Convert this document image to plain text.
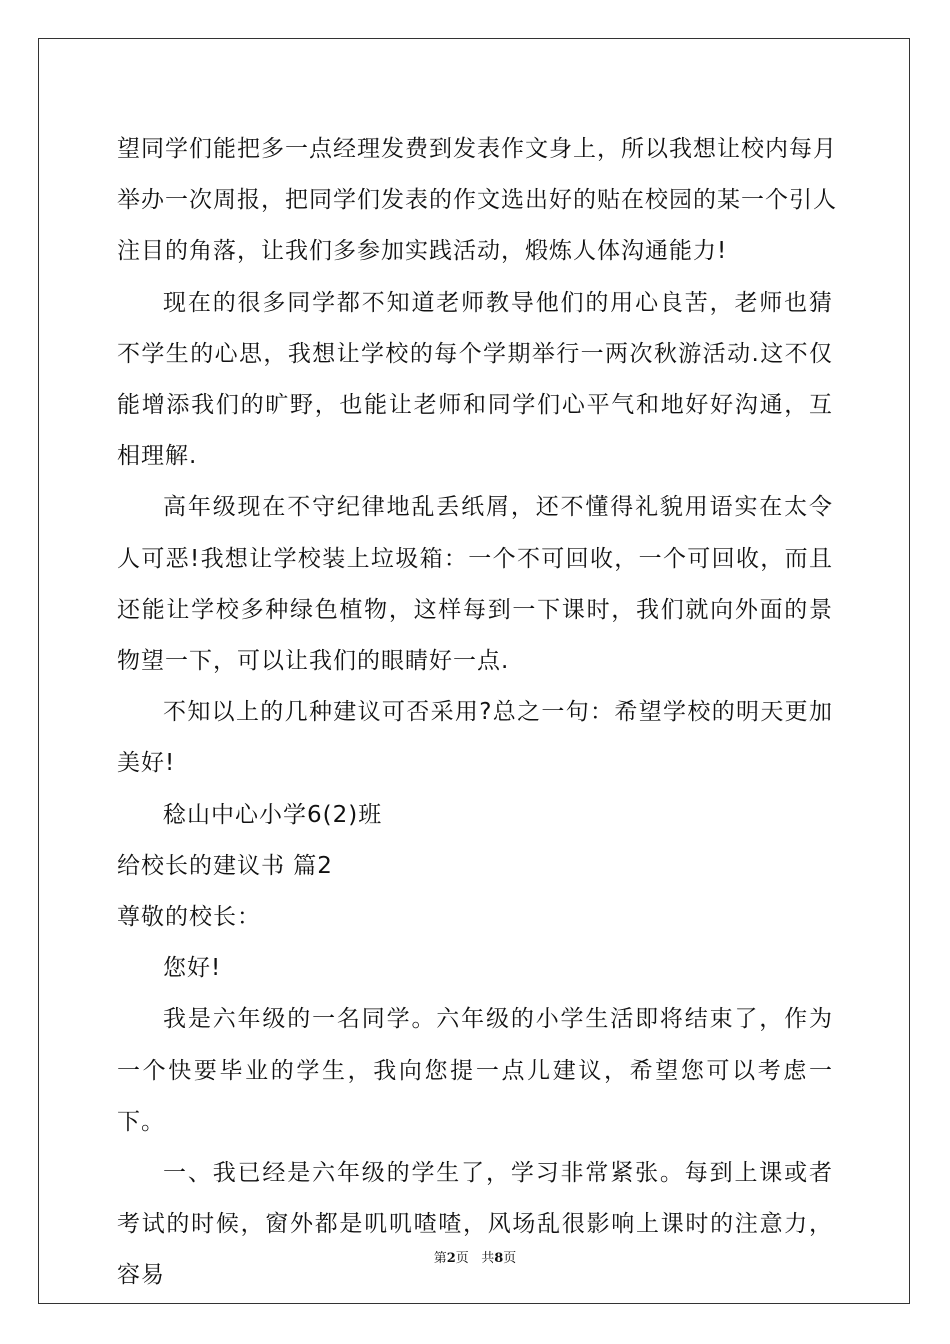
望同学们能把多一点经理发费到发表作文身上，所以我想让校内每月

举办一次周报，把同学们发表的作文选出好的贴在校园的某一个引人

注目的角落，让我们多参加实践活动，煅炼人体沟通能力!

现在的很多同学都不知道老师教导他们的用心良苦，老师也猜不学生的心思，我想让学校的每个学期举行一两次秋游活动.这不仅能增添我们的旷野，也能让老师和同学们心平气和地好好沟通，互相理解.

高年级现在不守纪律地乱丢纸屑，还不懂得礼貌用语实在太令人可恶!我想让学校装上垃圾箱：一个不可回收，一个可回收，而且还能让学校多种绿色植物，这样每到一下课时，我们就向外面的景物望一下，可以让我们的眼睛好一点.

不知以上的几种建议可否采用?总之一句：希望学校的明天更加美好!

稔山中心小学6(2)班

给校长的建议书 篇2

尊敬的校长：

您好!

我是六年级的一名同学。六年级的小学生活即将结束了，作为一个快要毕业的学生，我向您提一点儿建议，希望您可以考虑一下。

一、我已经是六年级的学生了，学习非常紧张。每到上课或者考试的时候，窗外都是叽叽喳喳，风场乱很影响上课时的注意力，容易

第2页 共8页
